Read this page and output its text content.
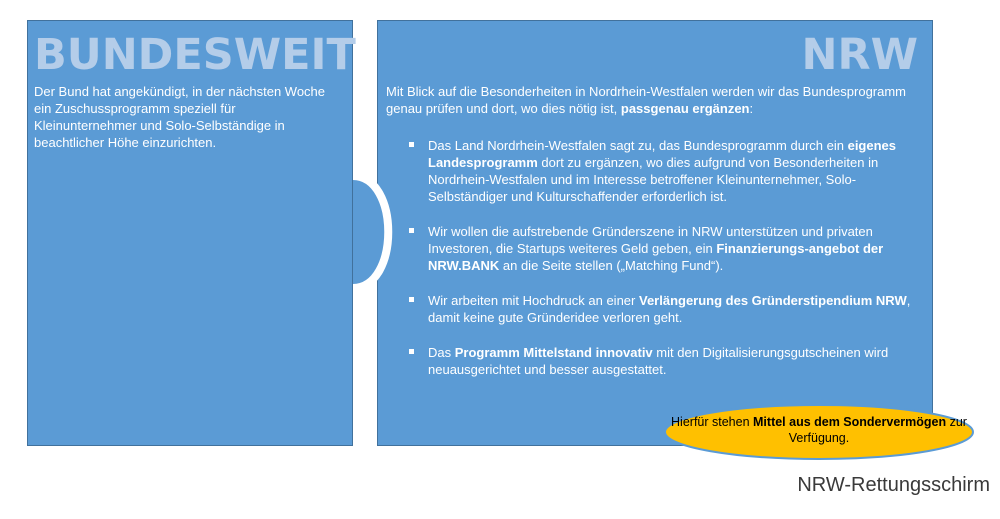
BUNDESWEIT
Der Bund hat angekündigt, in der nächsten Woche ein Zuschussprogramm speziell für Kleinunternehmer und Solo-Selbständige in beachtlicher Höhe einzurichten.
NRW
Mit Blick auf die Besonderheiten in Nordrhein-Westfalen werden wir das Bundesprogramm genau prüfen und dort, wo dies nötig ist, passgenau ergänzen:
Das Land Nordrhein-Westfalen sagt zu, das Bundesprogramm durch ein eigenes Landesprogramm dort zu ergänzen, wo dies aufgrund von Besonderheiten in Nordrhein-Westfalen und im Interesse betroffener Kleinunternehmer, Solo-Selbständiger und Kulturschaffender erforderlich ist.
Wir wollen die aufstrebende Gründerszene in NRW unterstützen und privaten Investoren, die Startups weiteres Geld geben, ein Finanzierungs-angebot der NRW.BANK an die Seite stellen („Matching Fund“).
Wir arbeiten mit Hochdruck an einer Verlängerung des Gründerstipendium NRW, damit keine gute Gründeridee verloren geht.
Das Programm Mittelstand innovativ mit den Digitalisierungsgutscheinen wird neuausgerichtet und besser ausgestattet.
Hierfür stehen Mittel aus dem Sondervermögen zur Verfügung.
NRW-Rettungsschirm
